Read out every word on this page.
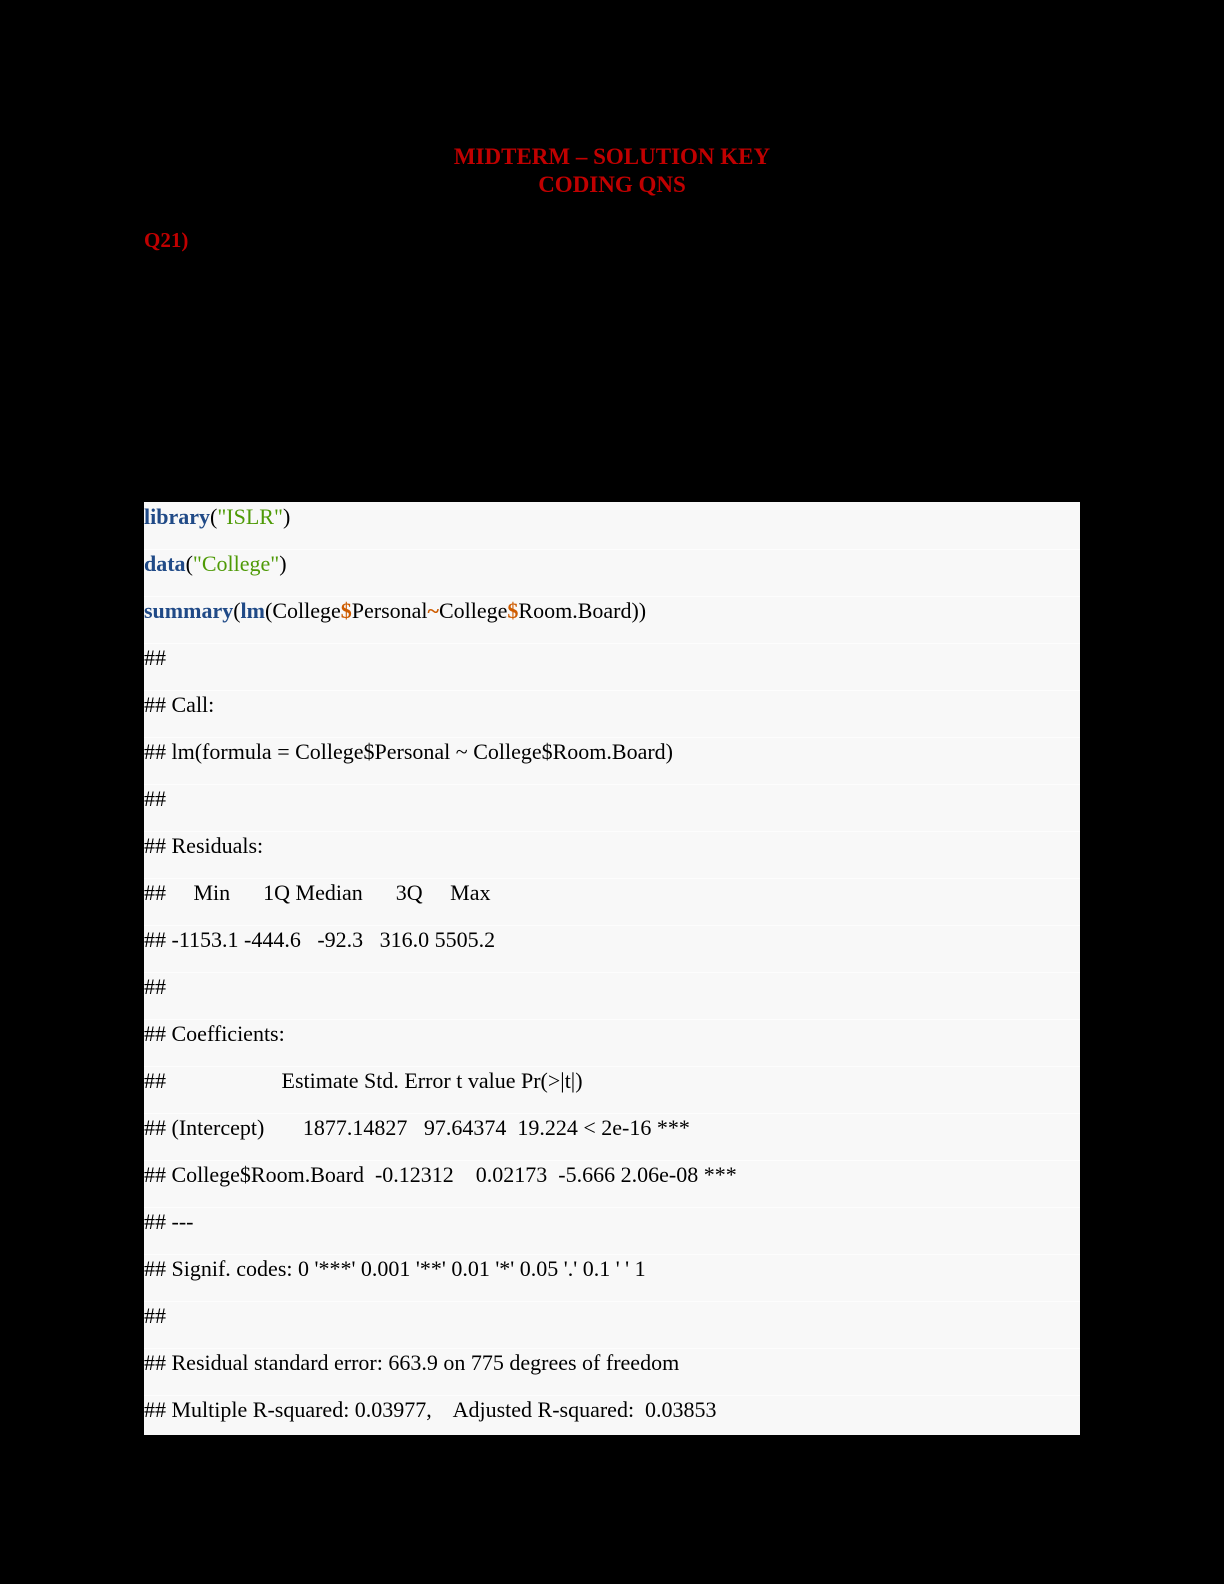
MIDTERM – SOLUTION KEY
CODING QNS
Q21)
library("ISLR")
data("College")
summary(lm(College$Personal~College$Room.Board))
##
## Call:
## lm(formula = College$Personal ~ College$Room.Board)
##
## Residuals:
##     Min      1Q Median      3Q     Max
## -1153.1 -444.6   -92.3   316.0 5505.2
##
## Coefficients:
##                     Estimate Std. Error t value Pr(>|t|)
## (Intercept)       1877.14827   97.64374  19.224 < 2e-16 ***
## College$Room.Board  -0.12312    0.02173  -5.666 2.06e-08 ***
## ---
## Signif. codes: 0 '***' 0.001 '**' 0.01 '*' 0.05 '.' 0.1 ' ' 1
##
## Residual standard error: 663.9 on 775 degrees of freedom
## Multiple R-squared: 0.03977,    Adjusted R-squared:  0.03853
